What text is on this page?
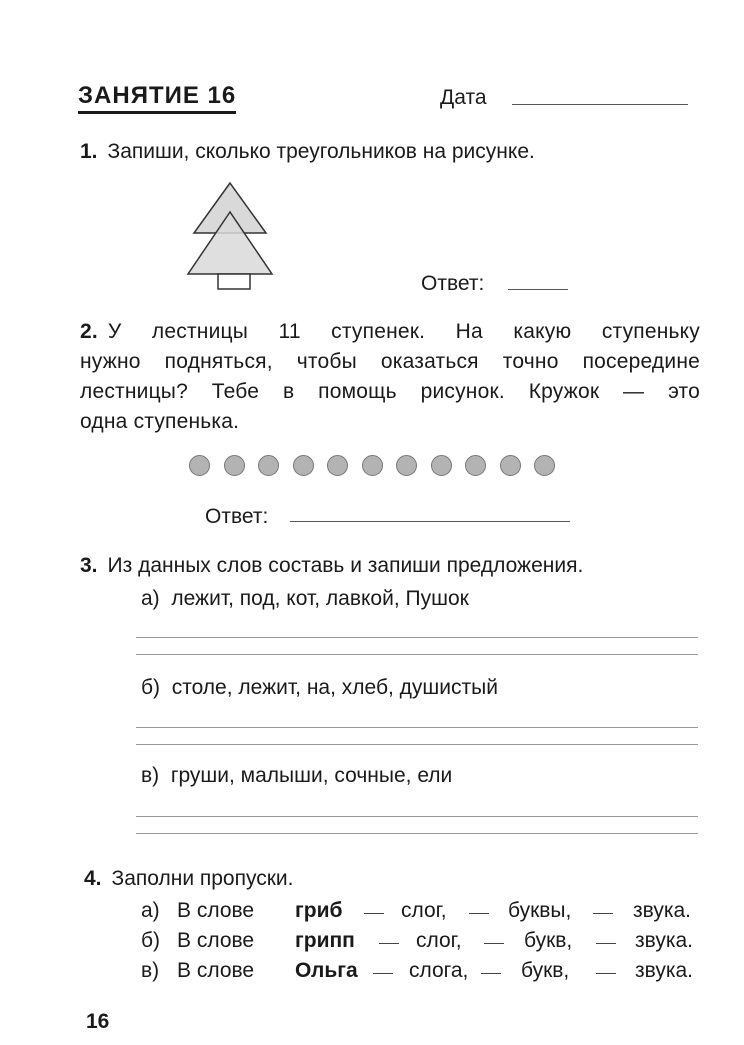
ЗАНЯТИЕ 16	Дата
1. Запиши, сколько треугольников на рисунке.
Ответ:
2. У лестницы 11 ступенек. На какую ступеньку
нужно подняться, чтобы оказаться точно посередине
лестницы? Тебе в помощь рисунок. Кружок — это
одна ступенька.
Ответ:
3. Из данных слов составь и запиши предложения.
а) лежит, под, кот, лавкой, Пушок
б) столе, лежит, на, хлеб, душистый
в) груши, малыши, сочные, ели
4. Заполни пропуски.
а) В слове гриб	слог,	буквы,	звука.
б) В слове грипп	слог,	букв,	звука.
в) В слове Ольга слога,	букв,	звука.
16
